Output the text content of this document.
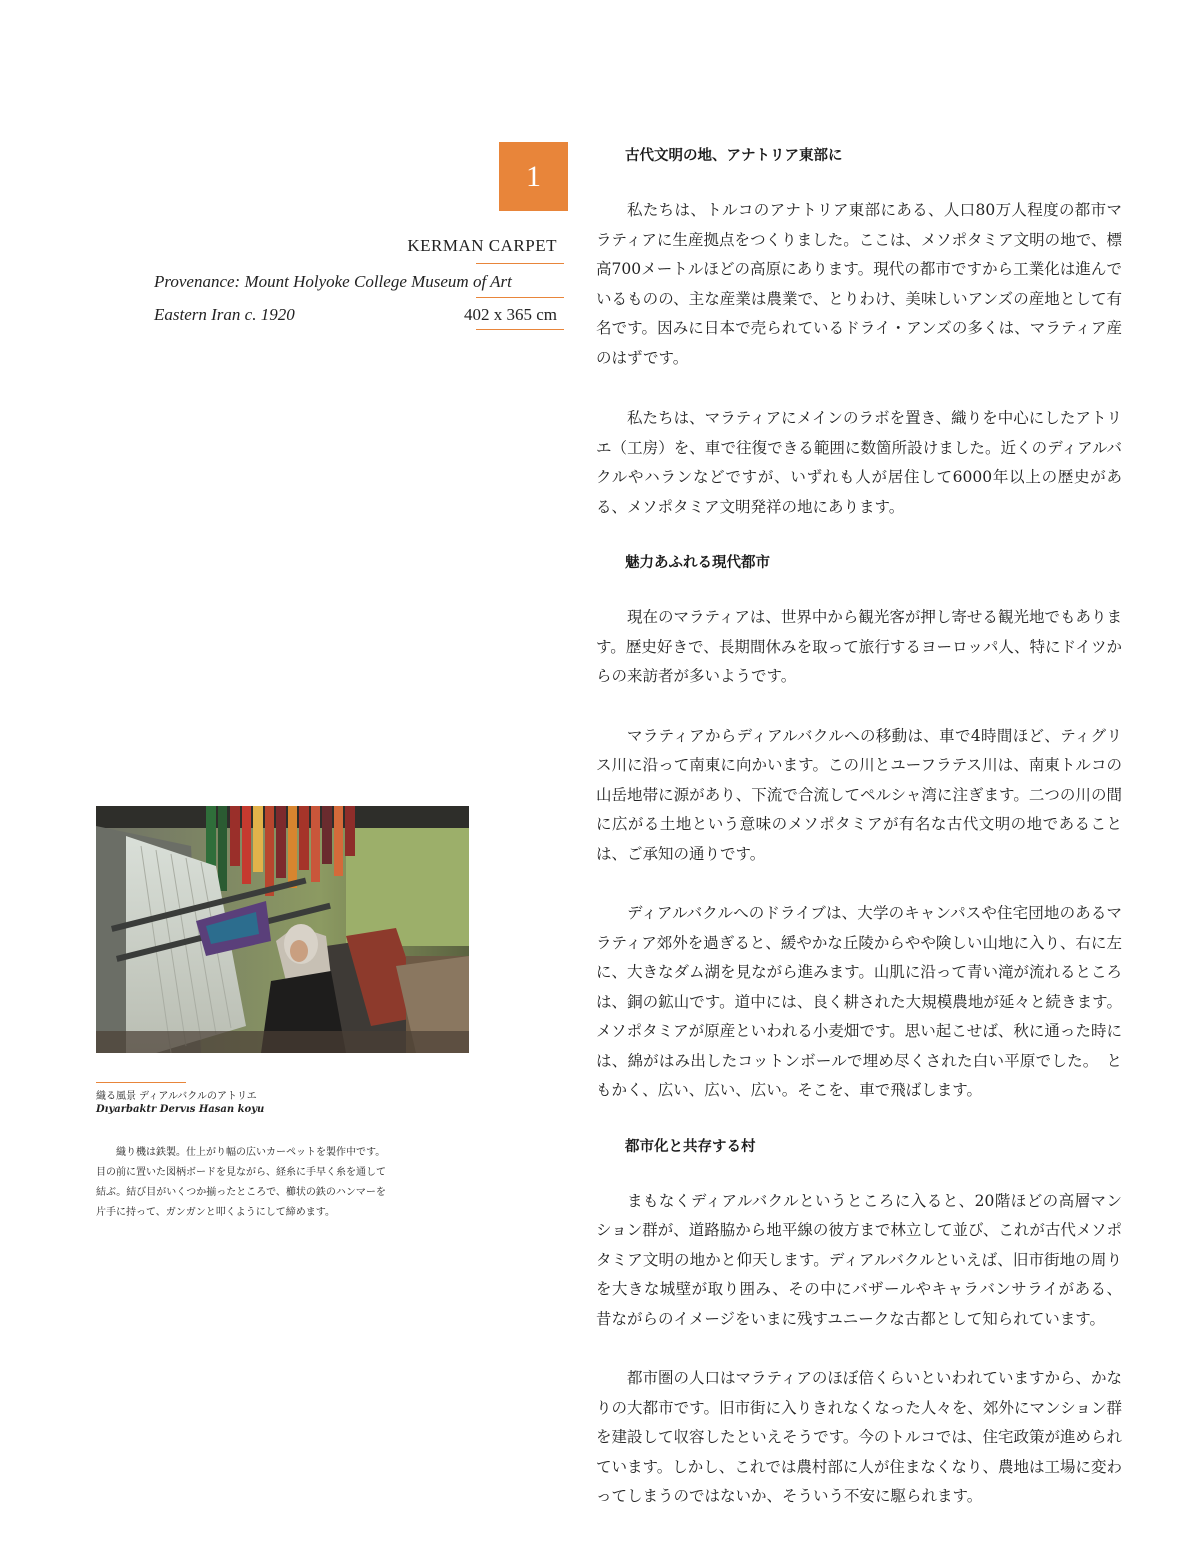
1
KERMAN CARPET
Provenance: Mount Holyoke College Museum of Art
Eastern Iran c. 1920	402 x 365 cm
織る風景 ディアルバクルのアトリエ
Dıyarbaktr Dervıs Hasan koyu
織り機は鉄製。仕上がり幅の広いカーペットを製作中です。目の前に置いた図柄ボードを見ながら、経糸に手早く糸を通して結ぶ。結び目がいくつか揃ったところで、櫛状の鉄のハンマーを片手に持って、ガンガンと叩くようにして締めます。
古代文明の地、アナトリア東部に

私たちは、トルコのアナトリア東部にある、人口80万人程度の都市マラティアに生産拠点をつくりました。ここは、メソポタミア文明の地で、標高700メートルほどの高原にあります。現代の都市ですから工業化は進んでいるものの、主な産業は農業で、とりわけ、美味しいアンズの産地として有名です。因みに日本で売られているドライ・アンズの多くは、マラティア産のはずです。

私たちは、マラティアにメインのラボを置き、織りを中心にしたアトリエ（工房）を、車で往復できる範囲に数箇所設けました。近くのディアルバクルやハランなどですが、いずれも人が居住して6000年以上の歴史がある、メソポタミア文明発祥の地にあります。

魅力あふれる現代都市

現在のマラティアは、世界中から観光客が押し寄せる観光地でもあります。歴史好きで、長期間休みを取って旅行するヨーロッパ人、特にドイツからの来訪者が多いようです。

マラティアからディアルバクルへの移動は、車で4時間ほど、ティグリス川に沿って南東に向かいます。この川とユーフラテス川は、南東トルコの山岳地帯に源があり、下流で合流してペルシャ湾に注ぎます。二つの川の間に広がる土地という意味のメソポタミアが有名な古代文明の地であることは、ご承知の通りです。

ディアルバクルへのドライブは、大学のキャンパスや住宅団地のあるマラティア郊外を過ぎると、緩やかな丘陵からやや険しい山地に入り、右に左に、大きなダム湖を見ながら進みます。山肌に沿って青い滝が流れるところは、銅の鉱山です。道中には、良く耕された大規模農地が延々と続きます。メソポタミアが原産といわれる小麦畑です。思い起こせば、秋に通った時には、綿がはみ出したコットンボールで埋め尽くされた白い平原でした。　ともかく、広い、広い、広い。そこを、車で飛ばします。

都市化と共存する村

まもなくディアルバクルというところに入ると、20階ほどの高層マンション群が、道路脇から地平線の彼方まで林立して並び、これが古代メソポタミア文明の地かと仰天します。ディアルバクルといえば、旧市街地の周りを大きな城壁が取り囲み、その中にバザールやキャラバンサライがある、昔ながらのイメージをいまに残すユニークな古都として知られています。

都市圏の人口はマラティアのほぼ倍くらいといわれていますから、かなりの大都市です。旧市街に入りきれなくなった人々を、郊外にマンション群を建設して収容したといえそうです。今のトルコでは、住宅政策が進められています。しかし、これでは農村部に人が住まなくなり、農地は工場に変わってしまうのではないか、そういう不安に駆られます。
